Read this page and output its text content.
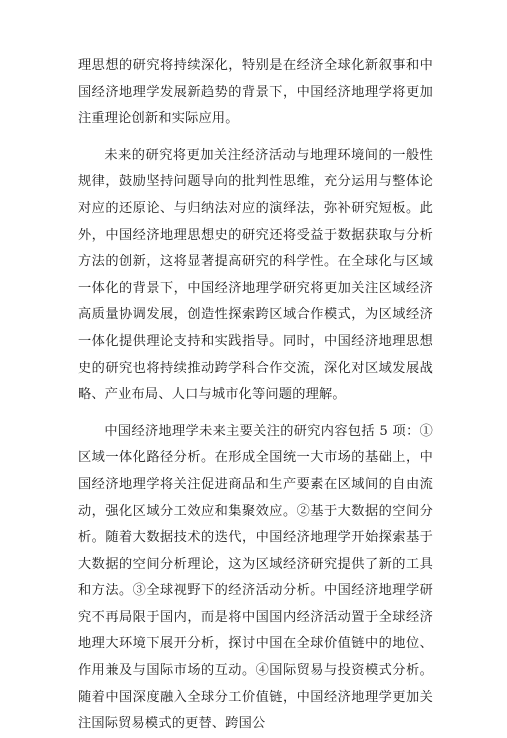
理思想的研究将持续深化，特别是在经济全球化新叙事和中国经济地理学发展新趋势的背景下，中国经济地理学将更加注重理论创新和实际应用。

未来的研究将更加关注经济活动与地理环境间的一般性规律，鼓励坚持问题导向的批判性思维，充分运用与整体论对应的还原论、与归纳法对应的演绎法，弥补研究短板。此外，中国经济地理思想史的研究还将受益于数据获取与分析方法的创新，这将显著提高研究的科学性。在全球化与区域一体化的背景下，中国经济地理学研究将更加关注区域经济高质量协调发展，创造性探索跨区域合作模式，为区域经济一体化提供理论支持和实践指导。同时，中国经济地理思想史的研究也将持续推动跨学科合作交流，深化对区域发展战略、产业布局、人口与城市化等问题的理解。

中国经济地理学未来主要关注的研究内容包括 5 项：①区域一体化路径分析。在形成全国统一大市场的基础上，中国经济地理学将关注促进商品和生产要素在区域间的自由流动，强化区域分工效应和集聚效应。②基于大数据的空间分析。随着大数据技术的迭代，中国经济地理学开始探索基于大数据的空间分析理论，这为区域经济研究提供了新的工具和方法。③全球视野下的经济活动分析。中国经济地理学研究不再局限于国内，而是将中国国内经济活动置于全球经济地理大环境下展开分析，探讨中国在全球价值链中的地位、作用兼及与国际市场的互动。④国际贸易与投资模式分析。随着中国深度融入全球分工价值链，中国经济地理学更加关注国际贸易模式的更替、跨国公
